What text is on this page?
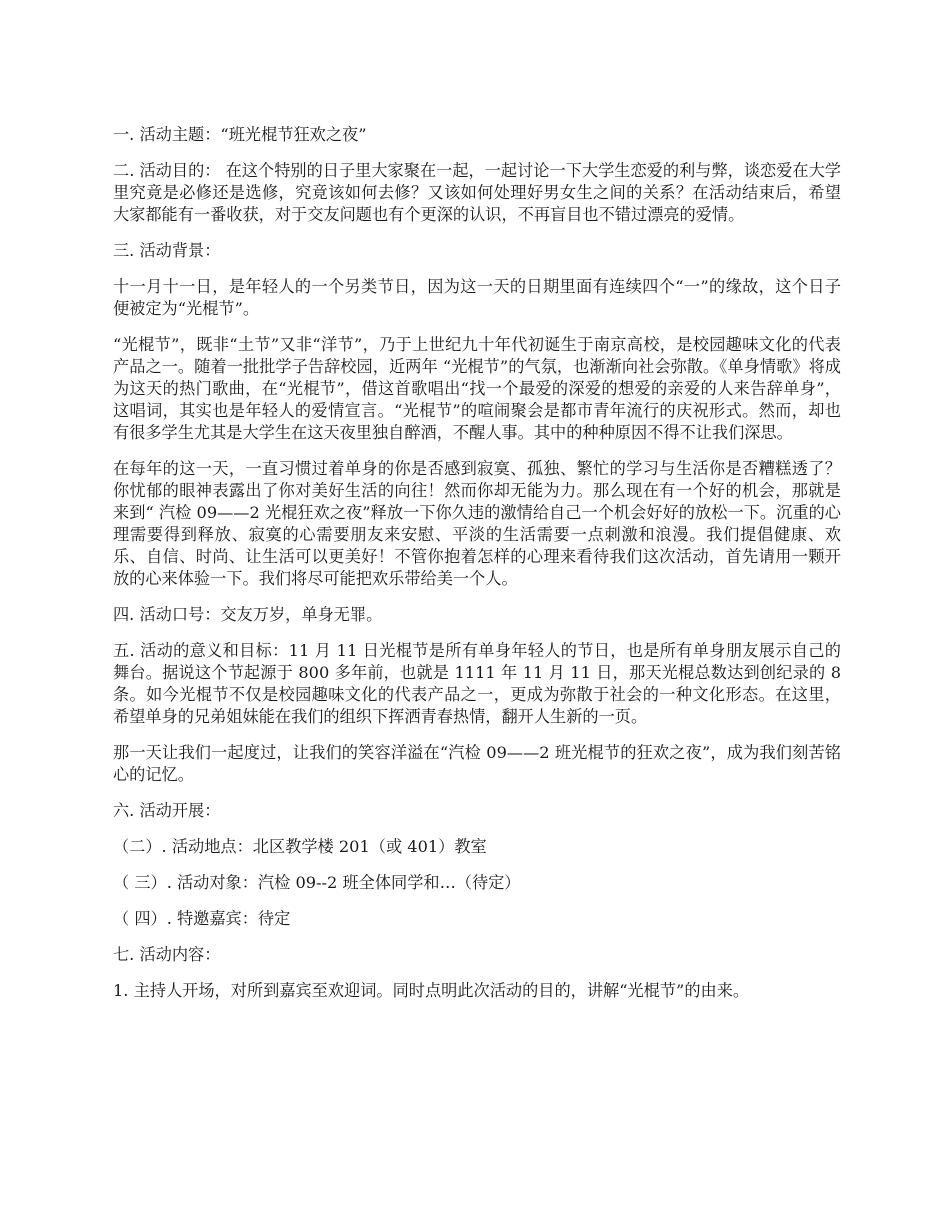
一. 活动主题：“班光棍节狂欢之夜”

二. 活动目的： 在这个特别的日子里大家聚在一起，一起讨论一下大学生恋爱的利与弊，谈恋爱在大学里究竟是必修还是选修，究竟该如何去修？又该如何处理好男女生之间的关系？在活动结束后，希望大家都能有一番收获，对于交友问题也有个更深的认识，不再盲目也不错过漂亮的爱情。

三. 活动背景：

十一月十一日，是年轻人的一个另类节日，因为这一天的日期里面有连续四个“一”的缘故，这个日子便被定为“光棍节”。

“光棍节”，既非“土节”又非“洋节”，乃于上世纪九十年代初诞生于南京高校，是校园趣味文化的代表产品之一。随着一批批学子告辞校园，近两年 “光棍节”的气氛，也渐渐向社会弥散。《单身情歌》将成为这天的热门歌曲，在“光棍节”，借这首歌唱出“找一个最爱的深爱的想爱的亲爱的人来告辞单身”，这唱词，其实也是年轻人的爱情宣言。“光棍节”的喧闹聚会是都市青年流行的庆祝形式。然而，却也有很多学生尤其是大学生在这天夜里独自醉酒，不醒人事。其中的种种原因不得不让我们深思。

在每年的这一天，一直习惯过着单身的你是否感到寂寞、孤独、繁忙的学习与生活你是否糟糕透了？你忧郁的眼神表露出了你对美好生活的向往！然而你却无能为力。那么现在有一个好的机会，那就是来到“ 汽检 09——2 光棍狂欢之夜”释放一下你久违的激情给自己一个机会好好的放松一下。沉重的心理需要得到释放、寂寞的心需要朋友来安慰、平淡的生活需要一点刺激和浪漫。我们提倡健康、欢乐、自信、时尚、让生活可以更美好！不管你抱着怎样的心理来看待我们这次活动，首先请用一颗开放的心来体验一下。我们将尽可能把欢乐带给美一个人。

四. 活动口号：交友万岁，单身无罪。

五. 活动的意义和目标：11 月 11 日光棍节是所有单身年轻人的节日，也是所有单身朋友展示自己的舞台。据说这个节起源于 800 多年前，也就是 1111 年 11 月 11 日，那天光棍总数达到创纪录的 8 条。如今光棍节不仅是校园趣味文化的代表产品之一，更成为弥散于社会的一种文化形态。在这里，希望单身的兄弟姐妹能在我们的组织下挥洒青春热情，翻开人生新的一页。

那一天让我们一起度过，让我们的笑容洋溢在“汽检 09——2 班光棍节的狂欢之夜”，成为我们刻苦铭心的记忆。

六. 活动开展：

（二）. 活动地点：北区教学楼 201（或 401）教室

（ 三）. 活动对象：汽检 09--2 班全体同学和…（待定）

（ 四）. 特邀嘉宾：待定

七. 活动内容：

1. 主持人开场，对所到嘉宾至欢迎词。同时点明此次活动的目的，讲解“光棍节”的由来。
